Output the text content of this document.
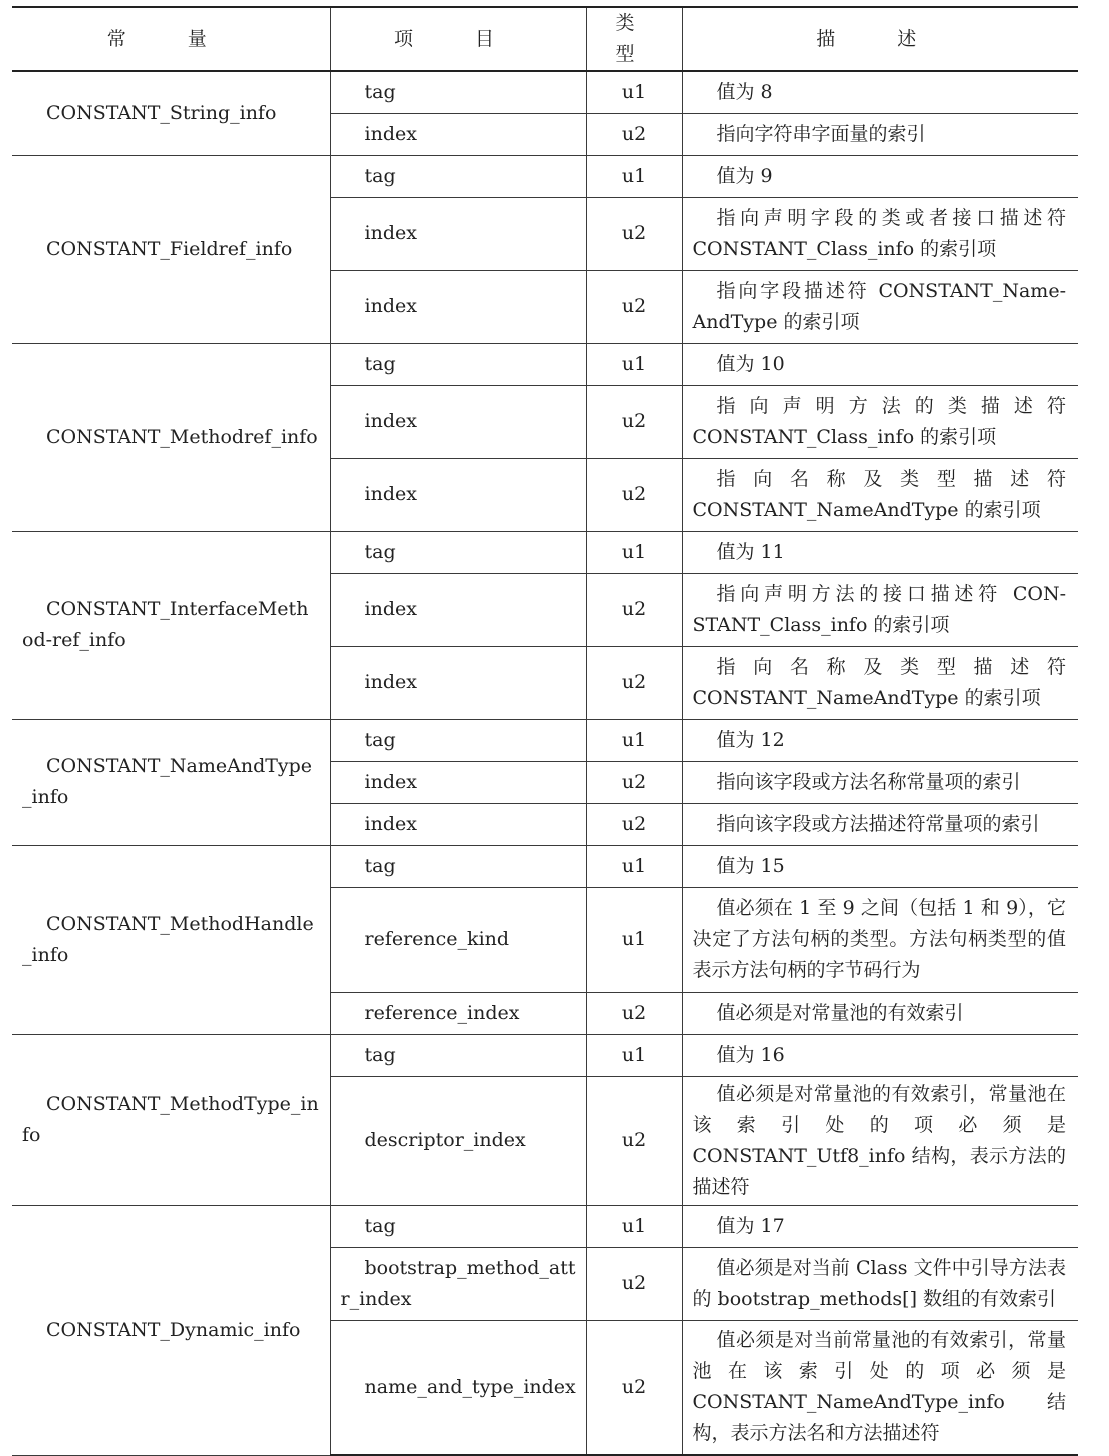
常 量	项 目	类 型	描 述
CONSTANT_String_info	tag	u1	值为 8
	index	u2	指向字符串字面量的索引
CONSTANT_Fieldref_info	tag	u1	值为 9
	index	u2	指向声明字段的类或者接口描述符 CONSTANT_Class_info 的索引项
	index	u2	指向字段描述符 CONSTANT_Name-AndType 的索引项
CONSTANT_Methodref_info	tag	u1	值为 10
	index	u2	指向声明方法的类描述符 CONSTANT_Class_info 的索引项
	index	u2	指向名称及类型描述符 CONSTANT_NameAndType 的索引项
CONSTANT_InterfaceMethod-ref_info	tag	u1	值为 11
	index	u2	指向声明方法的接口描述符 CON-STANT_Class_info 的索引项
	index	u2	指向名称及类型描述符 CONSTANT_NameAndType 的索引项
CONSTANT_NameAndType_info	tag	u1	值为 12
	index	u2	指向该字段或方法名称常量项的索引
	index	u2	指向该字段或方法描述符常量项的索引
CONSTANT_MethodHandle_info	tag	u1	值为 15
	reference_kind	u1	值必须在 1 至 9 之间（包括 1 和 9），它决定了方法句柄的类型。方法句柄类型的值表示方法句柄的字节码行为
	reference_index	u2	值必须是对常量池的有效索引
CONSTANT_MethodType_info	tag	u1	值为 16
	descriptor_index	u2	值必须是对常量池的有效索引，常量池在该索引处的项必须是 CONSTANT_Utf8_info 结构，表示方法的描述符
CONSTANT_Dynamic_info	tag	u1	值为 17
	bootstrap_method_attr_index	u2	值必须是对当前 Class 文件中引导方法表的 bootstrap_methods[] 数组的有效索引
	name_and_type_index	u2	值必须是对当前常量池的有效索引，常量池在该索引处的项必须是 CONSTANT_NameAndType_info 结构，表示方法名和方法描述符
